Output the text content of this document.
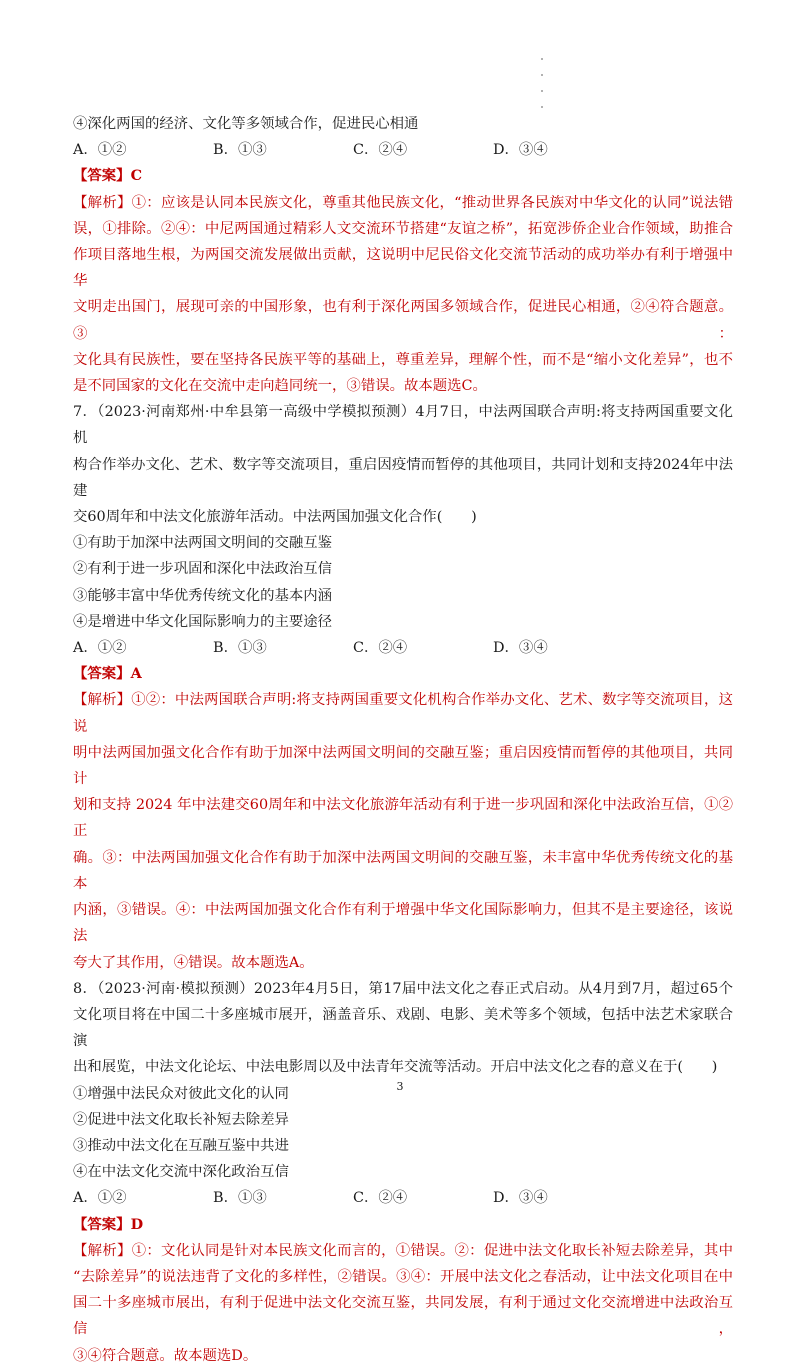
④深化两国的经济、文化等多领域合作，促进民心相通
A．①②	B．①③	C．②④	D．③④
【答案】C
【解析】①：应该是认同本民族文化，尊重其他民族文化，“推动世界各民族对中华文化的认同”说法错
误，①排除。②④：中尼两国通过精彩人文交流环节搭建“友谊之桥”，拓宽涉侨企业合作领域，助推合
作项目落地生根，为两国交流发展做出贡献，这说明中尼民俗文化交流节活动的成功举办有利于增强中华
文明走出国门，展现可亲的中国形象，也有利于深化两国多领域合作，促进民心相通，②④符合题意。③：
文化具有民族性，要在坚持各民族平等的基础上，尊重差异，理解个性，而不是“缩小文化差异”，也不
是不同国家的文化在交流中走向趋同统一，③错误。故本题选C。
7．（2023·河南郑州·中牟县第一高级中学模拟预测）4月7日，中法两国联合声明:将支持两国重要文化机
构合作举办文化、艺术、数字等交流项目，重启因疫情而暂停的其他项目，共同计划和支持2024年中法建
交60周年和中法文化旅游年活动。中法两国加强文化合作(　　)
①有助于加深中法两国文明间的交融互鉴
②有利于进一步巩固和深化中法政治互信
③能够丰富中华优秀传统文化的基本内涵
④是增进中华文化国际影响力的主要途径
A．①②	B．①③	C．②④	D．③④
【答案】A
【解析】①②：中法两国联合声明:将支持两国重要文化机构合作举办文化、艺术、数字等交流项目，这说
明中法两国加强文化合作有助于加深中法两国文明间的交融互鉴；重启因疫情而暂停的其他项目，共同计
划和支持 2024 年中法建交60周年和中法文化旅游年活动有利于进一步巩固和深化中法政治互信，①②正
确。③：中法两国加强文化合作有助于加深中法两国文明间的交融互鉴，未丰富中华优秀传统文化的基本
内涵，③错误。④：中法两国加强文化合作有利于增强中华文化国际影响力，但其不是主要途径，该说法
夸大了其作用，④错误。故本题选A。
8．（2023·河南·模拟预测）2023年4月5日，第17届中法文化之春正式启动。从4月到7月，超过65个
文化项目将在中国二十多座城市展开，涵盖音乐、戏剧、电影、美术等多个领域，包括中法艺术家联合演
出和展览，中法文化论坛、中法电影周以及中法青年交流等活动。开启中法文化之春的意义在于(　　)
①增强中法民众对彼此文化的认同
②促进中法文化取长补短去除差异
③推动中法文化在互融互鉴中共进
④在中法文化交流中深化政治互信
A．①②	B．①③	C．②④	D．③④
【答案】D
【解析】①：文化认同是针对本民族文化而言的，①错误。②：促进中法文化取长补短去除差异，其中
“去除差异”的说法违背了文化的多样性，②错误。③④：开展中法文化之春活动，让中法文化项目在中
国二十多座城市展出，有利于促进中法文化交流互鉴，共同发展，有利于通过文化交流增进中法政治互信，
③④符合题意。故本题选D。
3
